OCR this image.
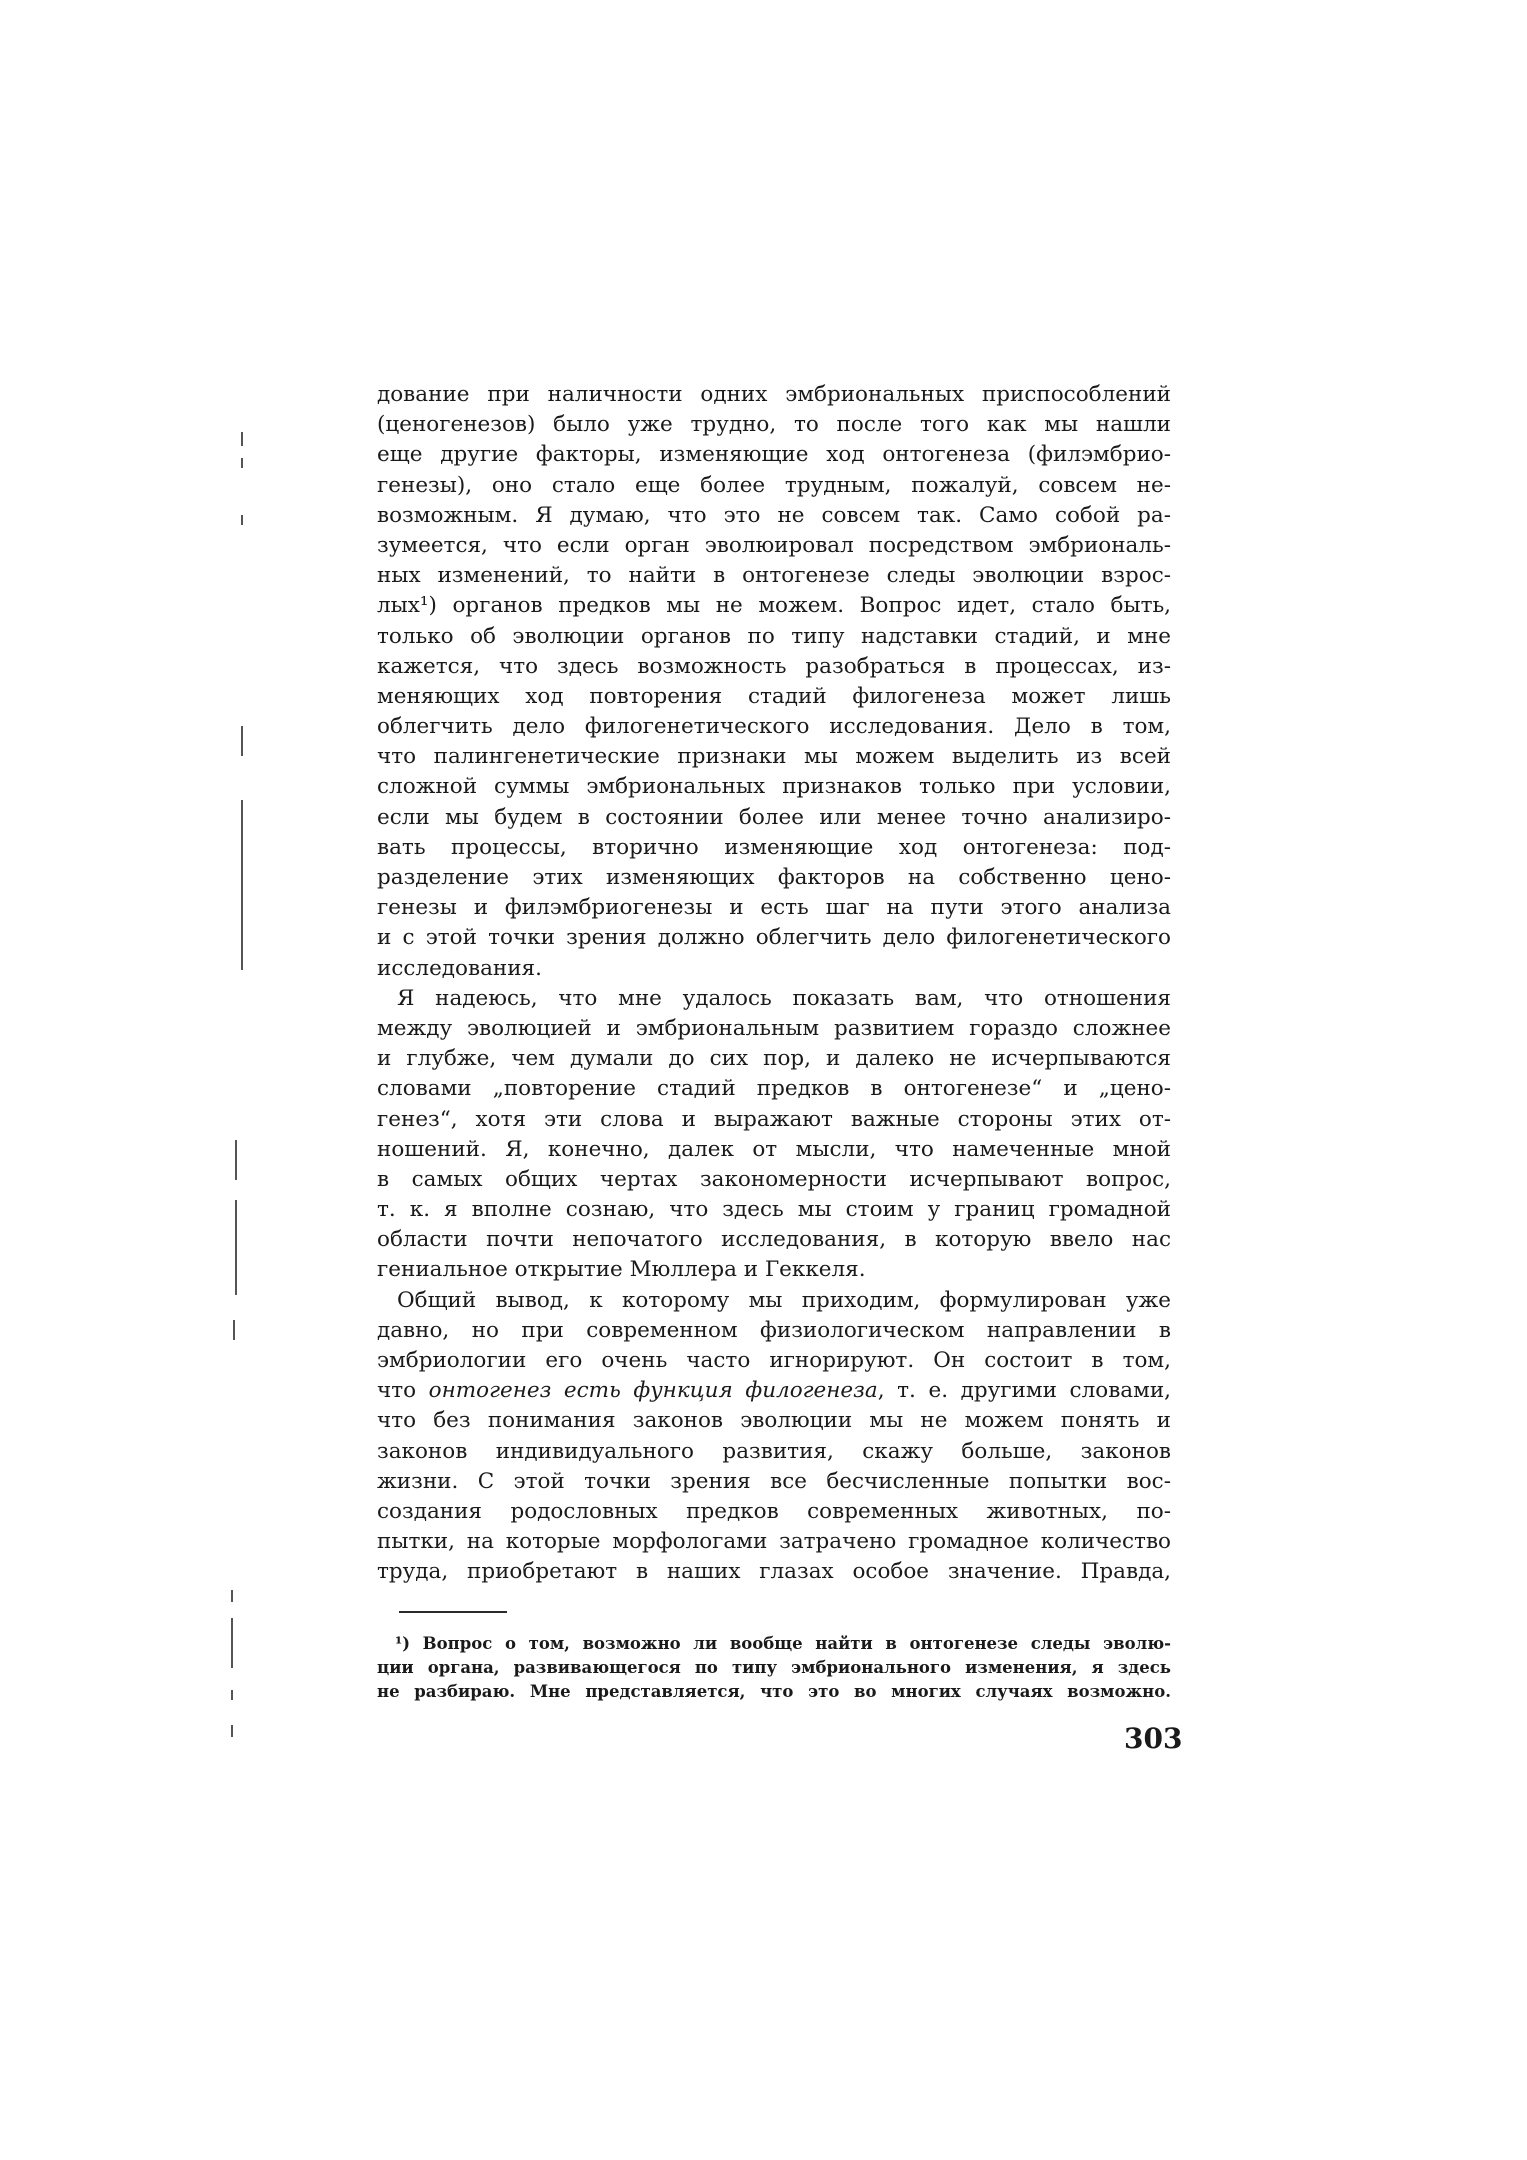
дование при наличности одних эмбриональных приспособлений
(ценогенезов) было уже трудно, то после того как мы нашли
еще другие факторы, изменяющие ход онтогенеза (филэмбрио-
генезы), оно стало еще более трудным, пожалуй, совсем не-
возможным. Я думаю, что это не совсем так. Само собой ра-
зумеется, что если орган эволюировал посредством эмбриональ-
ных изменений, то найти в онтогенезе следы эволюции взрос-
лых¹) органов предков мы не можем. Вопрос идет, стало быть,
только об эволюции органов по типу надставки стадий, и мне
кажется, что здесь возможность разобраться в процессах, из-
меняющих ход повторения стадий филогенеза может лишь
облегчить дело филогенетического исследования. Дело в том,
что палингенетические признаки мы можем выделить из всей
сложной суммы эмбриональных признаков только при условии,
если мы будем в состоянии более или менее точно анализиро-
вать процессы, вторично изменяющие ход онтогенеза: под-
разделение этих изменяющих факторов на собственно цено-
генезы и филэмбриогенезы и есть шаг на пути этого анализа
и с этой точки зрения должно облегчить дело филогенетического
исследования.
Я надеюсь, что мне удалось показать вам, что отношения
между эволюцией и эмбриональным развитием гораздо сложнее
и глубже, чем думали до сих пор, и далеко не исчерпываются
словами „повторение стадий предков в онтогенезе“ и „цено-
генез“, хотя эти слова и выражают важные стороны этих от-
ношений. Я, конечно, далек от мысли, что намеченные мной
в самых общих чертах закономерности исчерпывают вопрос,
т. к. я вполне сознаю, что здесь мы стоим у границ громадной
области почти непочатого исследования, в которую ввело нас
гениальное открытие Мюллера и Геккеля.
Общий вывод, к которому мы приходим, формулирован уже
давно, но при современном физиологическом направлении в
эмбриологии его очень часто игнорируют. Он состоит в том,
что онтогенез есть функция филогенеза, т. е. другими словами,
что без понимания законов эволюции мы не можем понять и
законов индивидуального развития, скажу больше, законов
жизни. С этой точки зрения все бесчисленные попытки вос-
создания родословных предков современных животных, по-
пытки, на которые морфологами затрачено громадное количество
труда, приобретают в наших глазах особое значение. Правда,
¹) Вопрос о том, возможно ли вообще найти в онтогенезе следы эволю-
ции органа, развивающегося по типу эмбрионального изменения, я здесь
не разбираю. Мне представляется, что это во многих случаях возможно.
303
